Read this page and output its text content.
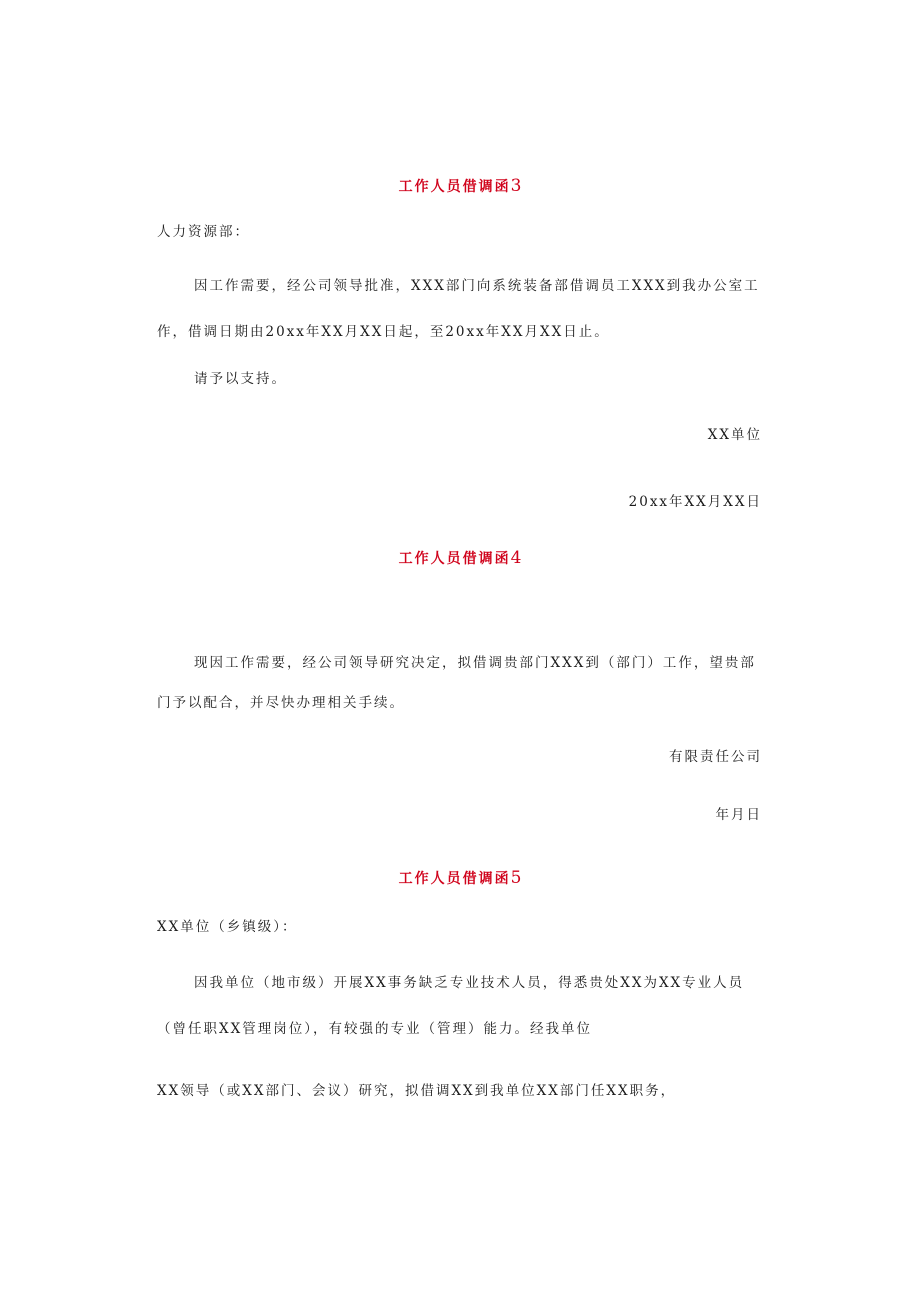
工作人员借调函3
人力资源部：
因工作需要，经公司领导批准，XXX部门向系统装备部借调员工XXX到我办公室工
作，借调日期由20xx年XX月XX日起，至20xx年XX月XX日止。
请予以支持。
XX单位
20xx年XX月XX日
工作人员借调函4
现因工作需要，经公司领导研究决定，拟借调贵部门XXX到（部门）工作，望贵部
门予以配合，并尽快办理相关手续。
有限责任公司
年月日
工作人员借调函5
XX单位（乡镇级）：
因我单位（地市级）开展XX事务缺乏专业技术人员，得悉贵处XX为XX专业人员
（曾任职XX管理岗位），有较强的专业（管理）能力。经我单位
XX领导（或XX部门、会议）研究，拟借调XX到我单位XX部门任XX职务，
